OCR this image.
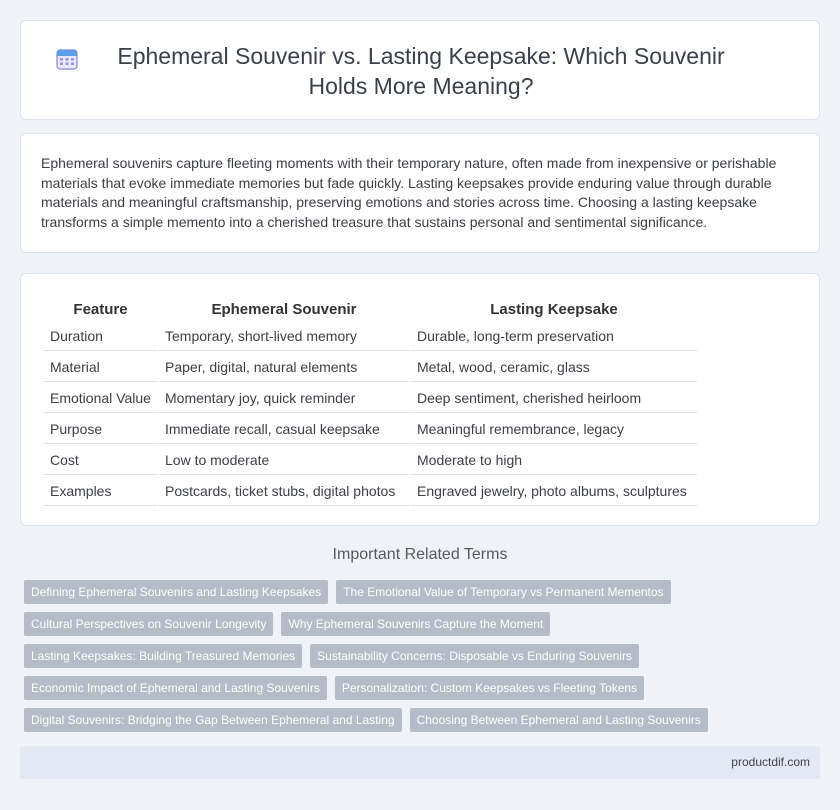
Ephemeral Souvenir vs. Lasting Keepsake: Which Souvenir Holds More Meaning?

Ephemeral souvenirs capture fleeting moments with their temporary nature, often made from inexpensive or perishable materials that evoke immediate memories but fade quickly. Lasting keepsakes provide enduring value through durable materials and meaningful craftsmanship, preserving emotions and stories across time. Choosing a lasting keepsake transforms a simple memento into a cherished treasure that sustains personal and sentimental significance.

Feature	Ephemeral Souvenir	Lasting Keepsake
Duration	Temporary, short-lived memory	Durable, long-term preservation
Material	Paper, digital, natural elements	Metal, wood, ceramic, glass
Emotional Value	Momentary joy, quick reminder	Deep sentiment, cherished heirloom
Purpose	Immediate recall, casual keepsake	Meaningful remembrance, legacy
Cost	Low to moderate	Moderate to high
Examples	Postcards, ticket stubs, digital photos	Engraved jewelry, photo albums, sculptures
Important Related Terms
Defining Ephemeral Souvenirs and Lasting Keepsakes	The Emotional Value of Temporary vs Permanent Mementos
Cultural Perspectives on Souvenir Longevity	Why Ephemeral Souvenirs Capture the Moment
Lasting Keepsakes: Building Treasured Memories	Sustainability Concerns: Disposable vs Enduring Souvenirs
Economic Impact of Ephemeral and Lasting Souvenirs	Personalization: Custom Keepsakes vs Fleeting Tokens
Digital Souvenirs: Bridging the Gap Between Ephemeral and Lasting	Choosing Between Ephemeral and Lasting Souvenirs
productdif.com
